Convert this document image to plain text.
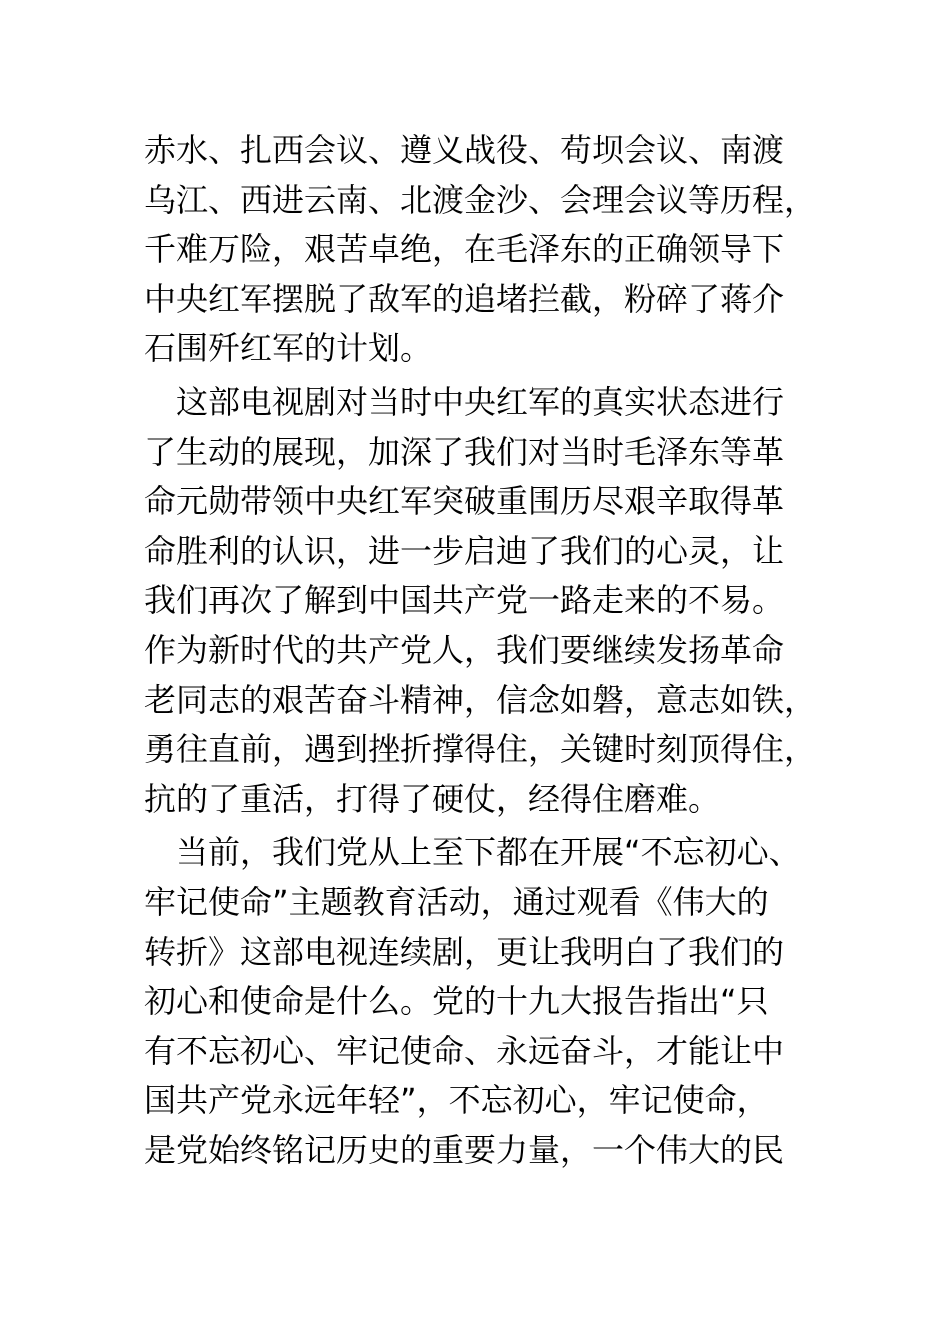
赤水、扎西会议、遵义战役、苟坝会议、南渡
乌江、西进云南、北渡金沙、会理会议等历程，
千难万险，艰苦卓绝，在毛泽东的正确领导下
中央红军摆脱了敌军的追堵拦截，粉碎了蒋介
石围歼红军的计划。
　这部电视剧对当时中央红军的真实状态进行
了生动的展现，加深了我们对当时毛泽东等革
命元勋带领中央红军突破重围历尽艰辛取得革
命胜利的认识，进一步启迪了我们的心灵，让
我们再次了解到中国共产党一路走来的不易。
作为新时代的共产党人，我们要继续发扬革命
老同志的艰苦奋斗精神，信念如磐，意志如铁，
勇往直前，遇到挫折撑得住，关键时刻顶得住，
抗的了重活，打得了硬仗，经得住磨难。
　当前，我们党从上至下都在开展“不忘初心、
牢记使命”主题教育活动，通过观看《伟大的
转折》这部电视连续剧，更让我明白了我们的
初心和使命是什么。党的十九大报告指出“只
有不忘初心、牢记使命、永远奋斗，才能让中
国共产党永远年轻”，不忘初心，牢记使命，
是党始终铭记历史的重要力量，一个伟大的民
